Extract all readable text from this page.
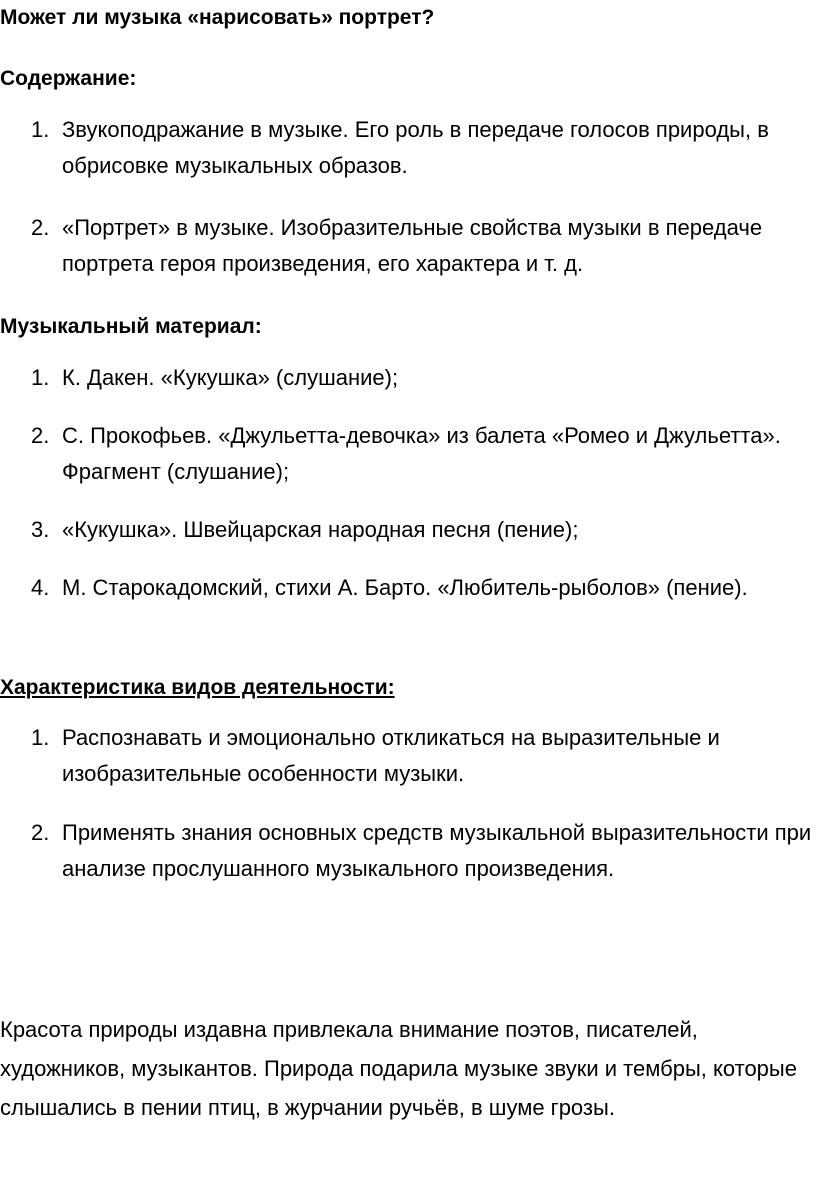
Может ли музыка «нарисовать» портрет?
Содержание:
1. Звукоподражание в музыке. Его роль в передаче голосов природы, в обрисовке музыкальных образов.
2. «Портрет» в музыке. Изобразительные свойства музыки в передаче портрета героя произведения, его характера и т. д.
Музыкальный материал:
1. К. Дакен. «Кукушка» (слушание);
2. С. Прокофьев. «Джульетта-девочка» из балета «Ромео и Джульетта». Фрагмент (слушание);
3. «Кукушка». Швейцарская народная песня (пение);
4. М. Старокадомский, стихи А. Барто. «Любитель-рыболов» (пение).
Характеристика видов деятельности:
1. Распознавать и эмоционально откликаться на выразительные и изобразительные особенности музыки.
2. Применять знания основных средств музыкальной выразительности при анализе прослушанного музыкального произведения.

Красота природы издавна привлекала внимание поэтов, писателей, художников, музыкантов. Природа подарила музыке звуки и тембры, которые слышались в пении птиц, в журчании ручьёв, в шуме грозы.
